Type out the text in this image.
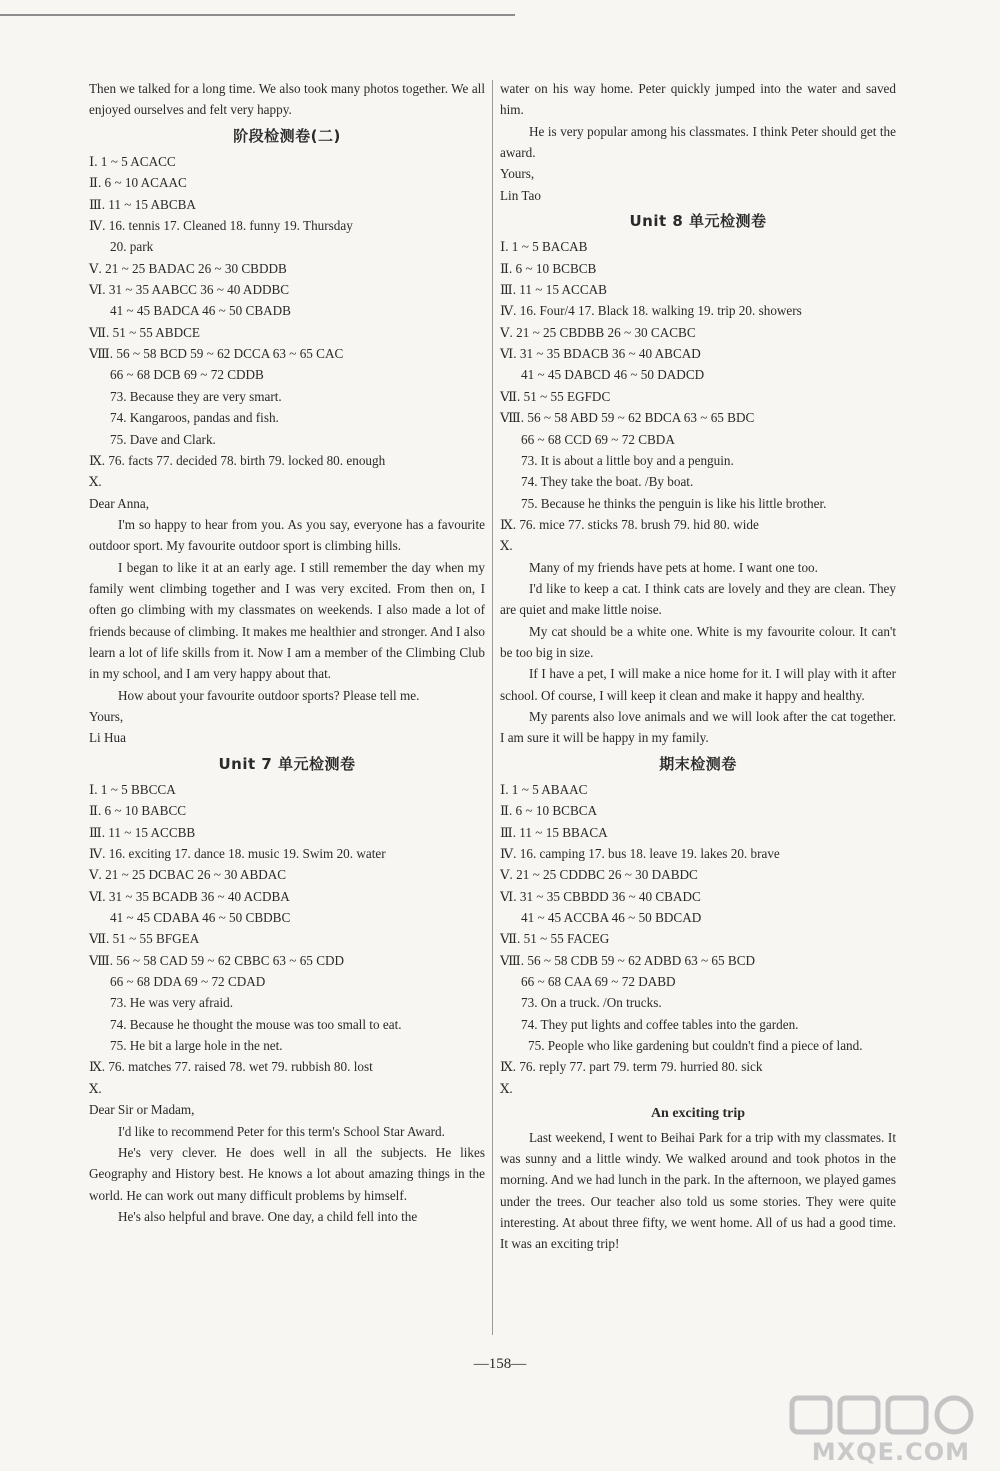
Then we talked for a long time. We also took many photos together. We all enjoyed ourselves and felt very happy.
阶段检测卷(二)
Ⅰ. 1 ~ 5 ACACC
Ⅱ. 6 ~ 10 ACAAC
Ⅲ. 11 ~ 15 ABCBA
Ⅳ. 16. tennis 17. Cleaned 18. funny 19. Thursday
20. park
Ⅴ. 21 ~ 25 BADAC 26 ~ 30 CBDDB
Ⅵ. 31 ~ 35 AABCC 36 ~ 40 ADDBC
41 ~ 45 BADCA 46 ~ 50 CBADB
Ⅶ. 51 ~ 55 ABDCE
Ⅷ. 56 ~ 58 BCD 59 ~ 62 DCCA 63 ~ 65 CAC
66 ~ 68 DCB 69 ~ 72 CDDB
73. Because they are very smart.
74. Kangaroos, pandas and fish.
75. Dave and Clark.
Ⅸ. 76. facts 77. decided 78. birth 79. locked 80. enough
Ⅹ.
Dear Anna,
I'm so happy to hear from you. As you say, everyone has a favourite outdoor sport. My favourite outdoor sport is climbing hills.
I began to like it at an early age. I still remember the day when my family went climbing together and I was very excited. From then on, I often go climbing with my classmates on weekends. I also made a lot of friends because of climbing. It makes me healthier and stronger. And I also learn a lot of life skills from it. Now I am a member of the Climbing Club in my school, and I am very happy about that.
How about your favourite outdoor sports? Please tell me.
Yours,
Li Hua
Unit 7 单元检测卷
Ⅰ. 1 ~ 5 BBCCA
Ⅱ. 6 ~ 10 BABCC
Ⅲ. 11 ~ 15 ACCBB
Ⅳ. 16. exciting 17. dance 18. music 19. Swim 20. water
Ⅴ. 21 ~ 25 DCBAC 26 ~ 30 ABDAC
Ⅵ. 31 ~ 35 BCADB 36 ~ 40 ACDBA
41 ~ 45 CDABA 46 ~ 50 CBDBC
Ⅶ. 51 ~ 55 BFGEA
Ⅷ. 56 ~ 58 CAD 59 ~ 62 CBBC 63 ~ 65 CDD
66 ~ 68 DDA 69 ~ 72 CDAD
73. He was very afraid.
74. Because he thought the mouse was too small to eat.
75. He bit a large hole in the net.
Ⅸ. 76. matches 77. raised 78. wet 79. rubbish 80. lost
Ⅹ.
Dear Sir or Madam,
I'd like to recommend Peter for this term's School Star Award.
He's very clever. He does well in all the subjects. He likes Geography and History best. He knows a lot about amazing things in the world. He can work out many difficult problems by himself.
He's also helpful and brave. One day, a child fell into the
water on his way home. Peter quickly jumped into the water and saved him.
He is very popular among his classmates. I think Peter should get the award.
Yours,
Lin Tao
Unit 8 单元检测卷
Ⅰ. 1 ~ 5 BACAB
Ⅱ. 6 ~ 10 BCBCB
Ⅲ. 11 ~ 15 ACCAB
Ⅳ. 16. Four/4 17. Black 18. walking 19. trip 20. showers
Ⅴ. 21 ~ 25 CBDBB 26 ~ 30 CACBC
Ⅵ. 31 ~ 35 BDACB 36 ~ 40 ABCAD
41 ~ 45 DABCD 46 ~ 50 DADCD
Ⅶ. 51 ~ 55 EGFDC
Ⅷ. 56 ~ 58 ABD 59 ~ 62 BDCA 63 ~ 65 BDC
66 ~ 68 CCD 69 ~ 72 CBDA
73. It is about a little boy and a penguin.
74. They take the boat. /By boat.
75. Because he thinks the penguin is like his little brother.
Ⅸ. 76. mice 77. sticks 78. brush 79. hid 80. wide
Ⅹ.
Many of my friends have pets at home. I want one too.
I'd like to keep a cat. I think cats are lovely and they are clean. They are quiet and make little noise.
My cat should be a white one. White is my favourite colour. It can't be too big in size.
If I have a pet, I will make a nice home for it. I will play with it after school. Of course, I will keep it clean and make it happy and healthy.
My parents also love animals and we will look after the cat together. I am sure it will be happy in my family.
期末检测卷
Ⅰ. 1 ~ 5 ABAAC
Ⅱ. 6 ~ 10 BCBCA
Ⅲ. 11 ~ 15 BBACA
Ⅳ. 16. camping 17. bus 18. leave 19. lakes 20. brave
Ⅴ. 21 ~ 25 CDDBC 26 ~ 30 DABDC
Ⅵ. 31 ~ 35 CBBDD 36 ~ 40 CBADC
41 ~ 45 ACCBA 46 ~ 50 BDCAD
Ⅶ. 51 ~ 55 FACEG
Ⅷ. 56 ~ 58 CDB 59 ~ 62 ADBD 63 ~ 65 BCD
66 ~ 68 CAA 69 ~ 72 DABD
73. On a truck. /On trucks.
74. They put lights and coffee tables into the garden.
75. People who like gardening but couldn't find a piece of land.
Ⅸ. 76. reply 77. part 79. term 79. hurried 80. sick
Ⅹ.
An exciting trip
Last weekend, I went to Beihai Park for a trip with my classmates. It was sunny and a little windy. We walked around and took photos in the morning. And we had lunch in the park. In the afternoon, we played games under the trees. Our teacher also told us some stories. They were quite interesting. At about three fifty, we went home. All of us had a good time. It was an exciting trip!
—158—
MXQE.COM
